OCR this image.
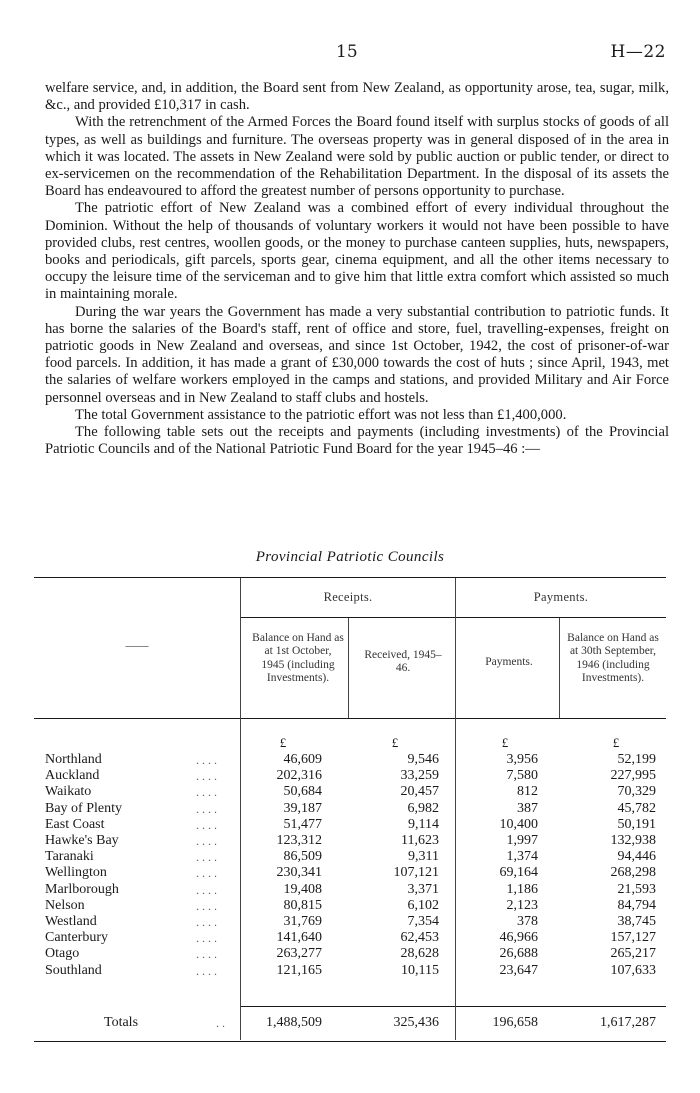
15	H—22

welfare service, and, in addition, the Board sent from New Zealand, as opportunity arose, tea, sugar, milk, &c., and provided £10,317 in cash.

With the retrenchment of the Armed Forces the Board found itself with surplus stocks of goods of all types, as well as buildings and furniture. The overseas property was in general disposed of in the area in which it was located. The assets in New Zealand were sold by public auction or public tender, or direct to ex-servicemen on the recommendation of the Rehabilitation Department. In the disposal of its assets the Board has endeavoured to afford the greatest number of persons opportunity to purchase.

The patriotic effort of New Zealand was a combined effort of every individual throughout the Dominion. Without the help of thousands of voluntary workers it would not have been possible to have provided clubs, rest centres, woollen goods, or the money to purchase canteen supplies, huts, newspapers, books and periodicals, gift parcels, sports gear, cinema equipment, and all the other items necessary to occupy the leisure time of the serviceman and to give him that little extra comfort which assisted so much in maintaining morale.

During the war years the Government has made a very substantial contribution to patriotic funds. It has borne the salaries of the Board's staff, rent of office and store, fuel, travelling-expenses, freight on patriotic goods in New Zealand and overseas, and since 1st October, 1942, the cost of prisoner-of-war food parcels. In addition, it has made a grant of £30,000 towards the cost of huts ; since April, 1943, met the salaries of welfare workers employed in the camps and stations, and provided Military and Air Force personnel overseas and in New Zealand to staff clubs and hostels.

The total Government assistance to the patriotic effort was not less than £1,400,000.

The following table sets out the receipts and payments (including investments) of the Provincial Patriotic Councils and of the National Patriotic Fund Board for the year 1945–46 :—

Provincial Patriotic Councils
Receipts.	Payments.
——
Balance on Hand as at 1st October, 1945 (including Investments).
Received, 1945–46.
Payments.
Balance on Hand as at 30th September, 1946 (including Investments).
£	£	£	£
Northland	. . . .	46,609	9,546	3,956	52,199
Auckland	. . . .	202,316	33,259	7,580	227,995
Waikato	. . . .	50,684	20,457	812	70,329
Bay of Plenty	. . . .	39,187	6,982	387	45,782
East Coast	. . . .	51,477	9,114	10,400	50,191
Hawke's Bay	. . . .	123,312	11,623	1,997	132,938
Taranaki	. . . .	86,509	9,311	1,374	94,446
Wellington	. . . .	230,341	107,121	69,164	268,298
Marlborough	. . . .	19,408	3,371	1,186	21,593
Nelson	. . . .	80,815	6,102	2,123	84,794
Westland	. . . .	31,769	7,354	378	38,745
Canterbury	. . . .	141,640	62,453	46,966	157,127
Otago	. . . .	263,277	28,628	26,688	265,217
Southland	. . . .	121,165	10,115	23,647	107,633
Totals	. .	1,488,509	325,436	196,658	1,617,287
